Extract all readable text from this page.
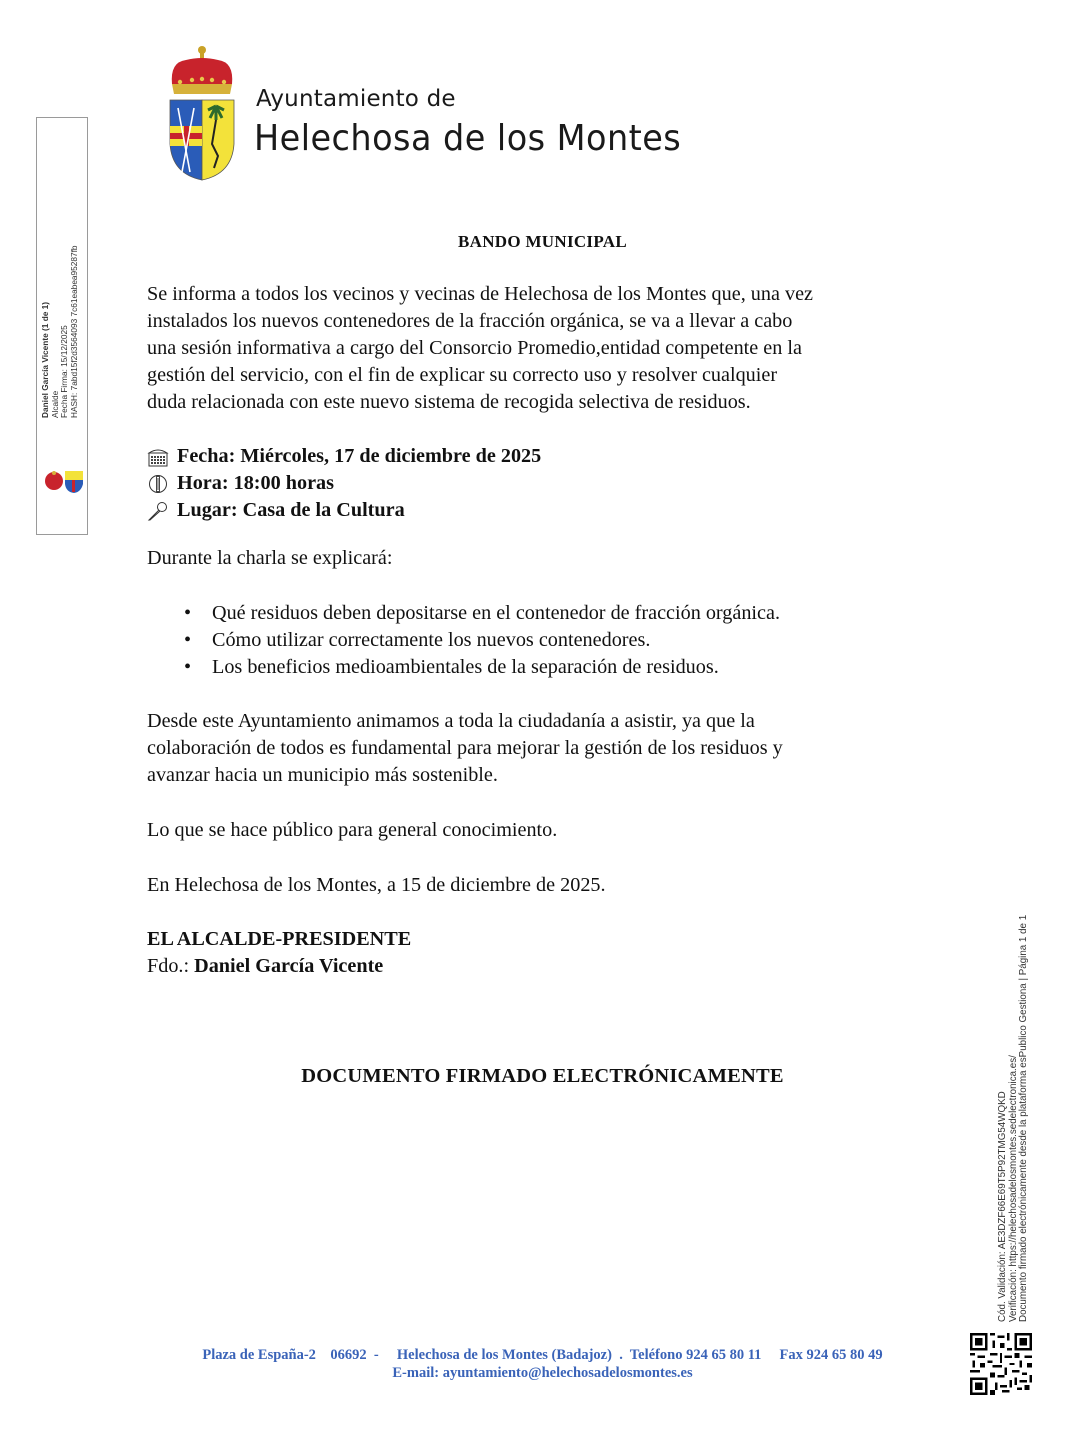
Ayuntamiento de
Helechosa de los Montes
Daniel García Vicente (1 de 1) Alcalde Fecha Firma: 15/12/2025 HASH: 7abd15f2d3564093 7c61eabea95287fb
BANDO MUNICIPAL
Se informa a todos los vecinos y vecinas de Helechosa de los Montes que, una vez
instalados los nuevos contenedores de la fracción orgánica, se va a llevar a cabo
una sesión informativa a cargo del Consorcio Promedio,entidad competente en la
gestión del servicio, con el fin de explicar su correcto uso y resolver cualquier
duda relacionada con este nuevo sistema de recogida selectiva de residuos.
Fecha: Miércoles, 17 de diciembre de 2025
Hora: 18:00 horas
Lugar: Casa de la Cultura
Durante la charla se explicará:
• Qué residuos deben depositarse en el contenedor de fracción orgánica.
• Cómo utilizar correctamente los nuevos contenedores.
• Los beneficios medioambientales de la separación de residuos.
Desde este Ayuntamiento animamos a toda la ciudadanía a asistir, ya que la
colaboración de todos es fundamental para mejorar la gestión de los residuos y
avanzar hacia un municipio más sostenible.
Lo que se hace público para general conocimiento.
En Helechosa de los Montes, a 15 de diciembre de 2025.
EL ALCALDE-PRESIDENTE
Fdo.: Daniel García Vicente
DOCUMENTO FIRMADO ELECTRÓNICAMENTE
Plaza de España-2    06692  -     Helechosa de los Montes (Badajoz)  .  Teléfono 924 65 80 11     Fax 924 65 80 49
E-mail: ayuntamiento@helechosadelosmontes.es
Cód. Validación: AE3DZF66E69T5P92TMG54WQKD Verificación: https://helechosadelosmontes.sedelectronica.es/ Documento firmado electrónicamente desde la plataforma esPublico Gestiona | Página 1 de 1
